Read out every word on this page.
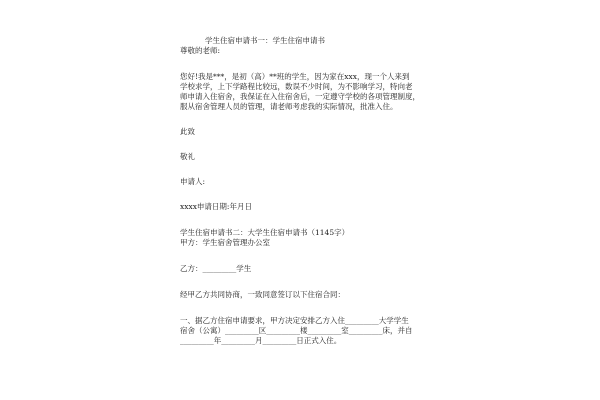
学生住宿申请书一：学生住宿申请书

尊敬的老师:

您好!我是***，是初（高）**班的学生，因为家在xxx，现一个人来到

学校求学，上下学路程比较远，数误不少时间，为不影响学习，特向老

师申请入住宿舍，我保证在入住宿舍后，一定遵守学校的各项管理制度，

服从宿舍管理人员的管理，请老师考虑我的实际情况，批准入住。

此致

敬礼

申请人:

xxxx申请日期:年月日

学生住宿申请书二：大学生住宿申请书（1145字）

甲方：学生宿舍管理办公室

乙方：_________学生

经甲乙方共同协商，一致同意签订以下住宿合同：

一、据乙方住宿申请要求，甲方决定安排乙方入住_________大学学生

宿舍（公寓）_________区_________楼_________室_________床，并自

_________年_________月_________日正式入住。
